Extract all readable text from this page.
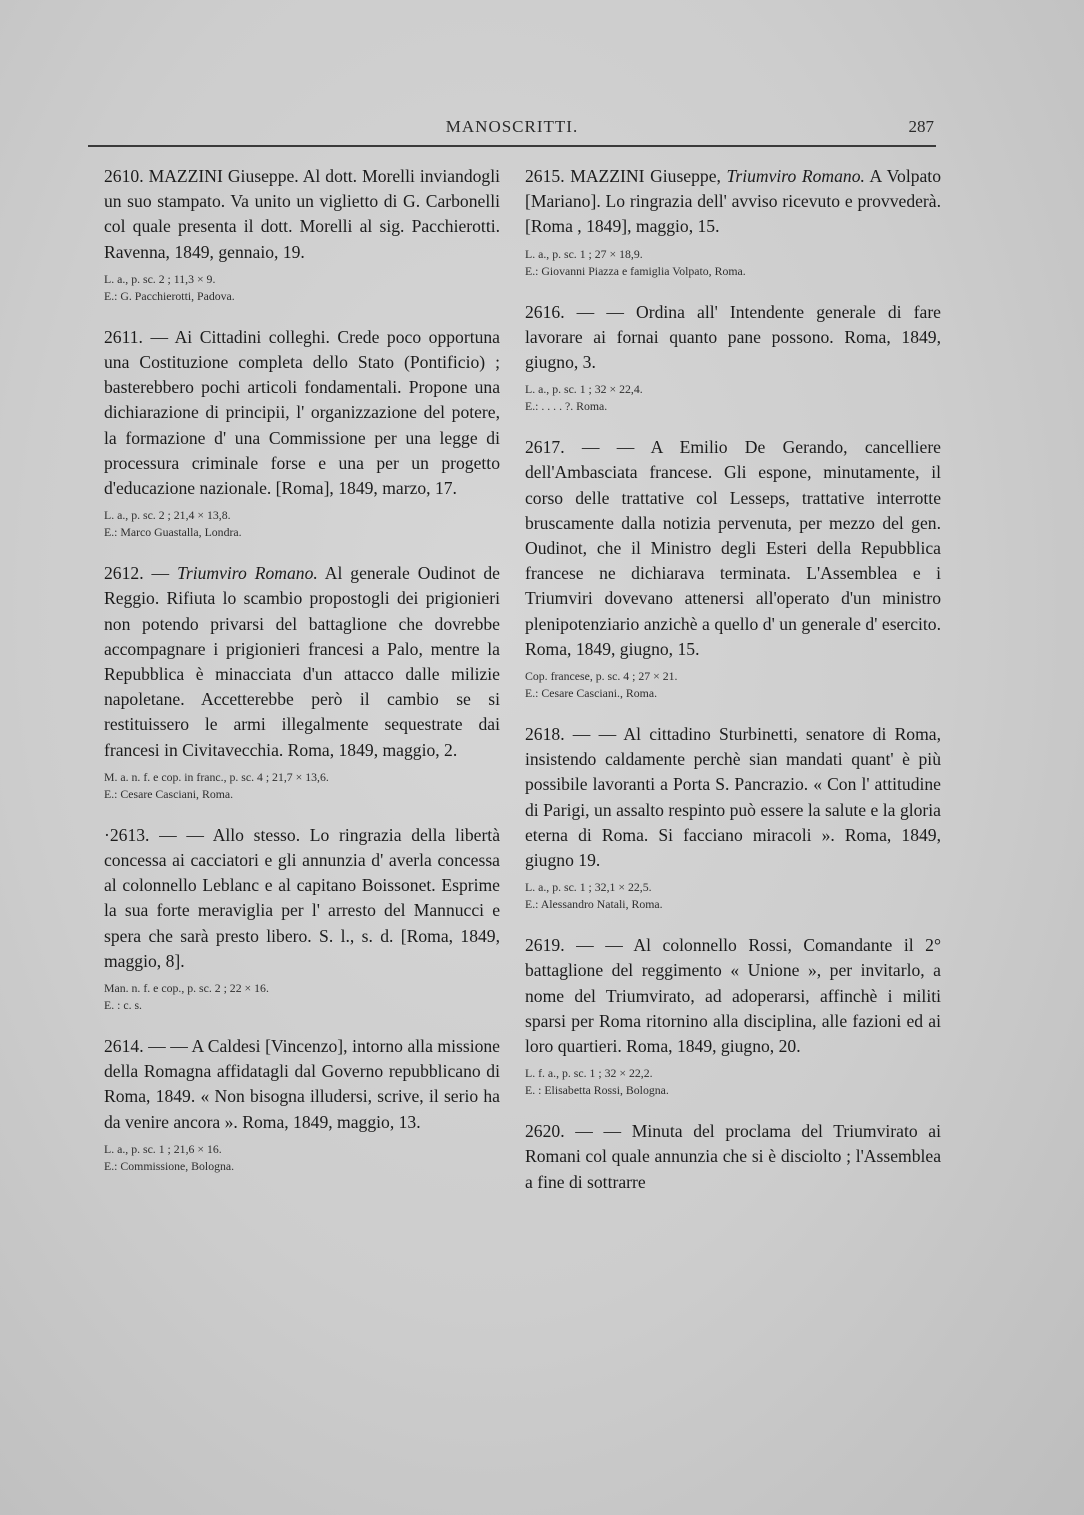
MANOSCRITTI.	287

2610. MAZZINI Giuseppe. Al dott. Morelli inviandogli un suo stampato. Va unito un viglietto di G. Carbonelli col quale presenta il dott. Morelli al sig. Pacchierotti. Ravenna, 1849, gennaio, 19.

L. a., p. sc. 2 ; 11,3 × 9.
E.: G. Pacchierotti, Padova.

2611. — Ai Cittadini colleghi. Crede poco opportuna una Costituzione completa dello Stato (Pontificio) ; basterebbero pochi articoli fondamentali. Propone una dichiarazione di principii, l' organizzazione del potere, la formazione d' una Commissione per una legge di processura criminale forse e una per un progetto d'educazione nazionale. [Roma], 1849, marzo, 17.

L. a., p. sc. 2 ; 21,4 × 13,8.
E.: Marco Guastalla, Londra.

2612. — Triumviro Romano. Al generale Oudinot de Reggio. Rifiuta lo scambio propostogli dei prigionieri non potendo privarsi del battaglione che dovrebbe accompagnare i prigionieri francesi a Palo, mentre la Repubblica è minacciata d'un attacco dalle milizie napoletane. Accetterebbe però il cambio se si restituissero le armi illegalmente sequestrate dai francesi in Civitavecchia. Roma, 1849, maggio, 2.

M. a. n. f. e cop. in franc., p. sc. 4 ; 21,7 × 13,6.
E.: Cesare Casciani, Roma.

·2613. — — Allo stesso. Lo ringrazia della libertà concessa ai cacciatori e gli annunzia d' averla concessa al colonnello Leblanc e al capitano Boissonet. Esprime la sua forte meraviglia per l' arresto del Mannucci e spera che sarà presto libero. S. l., s. d. [Roma, 1849, maggio, 8].

Man. n. f. e cop., p. sc. 2 ; 22 × 16.
E. : c. s.

2614. — — A Caldesi [Vincenzo], intorno alla missione della Romagna affidatagli dal Governo repubblicano di Roma, 1849. « Non bisogna illudersi, scrive, il serio ha da venire ancora ». Roma, 1849, maggio, 13.

L. a., p. sc. 1 ; 21,6 × 16.
E.: Commissione, Bologna.

2615. MAZZINI Giuseppe, Triumviro Romano. A Volpato [Mariano]. Lo ringrazia dell' avviso ricevuto e provvederà. [Roma , 1849], maggio, 15.

L. a., p. sc. 1 ; 27 × 18,9.
E.: Giovanni Piazza e famiglia Volpato, Roma.

2616. — — Ordina all' Intendente generale di fare lavorare ai fornai quanto pane possono. Roma, 1849, giugno, 3.

L. a., p. sc. 1 ; 32 × 22,4.
E.: . . . . ?. Roma.

2617. — — A Emilio De Gerando, cancelliere dell'Ambasciata francese. Gli espone, minutamente, il corso delle trattative col Lesseps, trattative interrotte bruscamente dalla notizia pervenuta, per mezzo del gen. Oudinot, che il Ministro degli Esteri della Repubblica francese ne dichiarava terminata. L'Assemblea e i Triumviri dovevano attenersi all'operato d'un ministro plenipotenziario anzichè a quello d' un generale d' esercito. Roma, 1849, giugno, 15.

Cop. francese, p. sc. 4 ; 27 × 21.
E.: Cesare Casciani., Roma.

2618. — — Al cittadino Sturbinetti, senatore di Roma, insistendo caldamente perchè sian mandati quant' è più possibile lavoranti a Porta S. Pancrazio. « Con l' attitudine di Parigi, un assalto respinto può essere la salute e la gloria eterna di Roma. Si facciano miracoli ». Roma, 1849, giugno 19.

L. a., p. sc. 1 ; 32,1 × 22,5.
E.: Alessandro Natali, Roma.

2619. — — Al colonnello Rossi, Comandante il 2° battaglione del reggimento « Unione », per invitarlo, a nome del Triumvirato, ad adoperarsi, affinchè i militi sparsi per Roma ritornino alla disciplina, alle fazioni ed ai loro quartieri. Roma, 1849, giugno, 20.

L. f. a., p. sc. 1 ; 32 × 22,2.
E. : Elisabetta Rossi, Bologna.

2620. — — Minuta del proclama del Triumvirato ai Romani col quale annunzia che si è disciolto ; l'Assemblea a fine di sottrarre
